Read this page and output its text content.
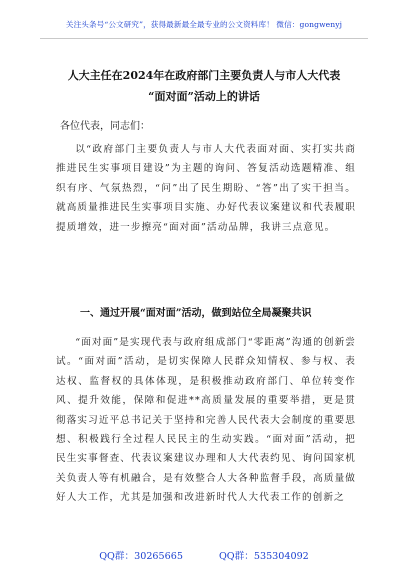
关注头条号“公文研究”，获得最新最全最专业的公文资料库！ 微信：gongwenyj
人大主任在2024年在政府部门主要负责人与市人大代表
“面对面”活动上的讲话
各位代表，同志们：

以“政府部门主要负责人与市人大代表面对面、实打实共商推进民生实事项目建设”为主题的询问、答复活动选题精准、组织有序、气氛热烈，“问”出了民生期盼、“答”出了实干担当。就高质量推进民生实事项目实施、办好代表议案建议和代表履职提质增效，进一步擦亮“面对面”活动品牌，我讲三点意见。

一、通过开展“面对面”活动，做到站位全局凝聚共识

“面对面”是实现代表与政府组成部门“零距离”沟通的创新尝试。“面对面”活动，是切实保障人民群众知情权、参与权、表达权、监督权的具体体现，是积极推动政府部门、单位转变作风、提升效能，保障和促进**高质量发展的重要举措，更是贯彻落实习近平总书记关于坚持和完善人民代表大会制度的重要思想、积极践行全过程人民民主的生动实践。“面对面”活动，把民生实事督查、代表议案建议办理和人大代表约见、询问国家机关负责人等有机融合，是有效整合人大各种监督手段，高质量做好人大工作，尤其是加强和改进新时代人大代表工作的创新之

QQ群：30265665	QQ群：535304092
